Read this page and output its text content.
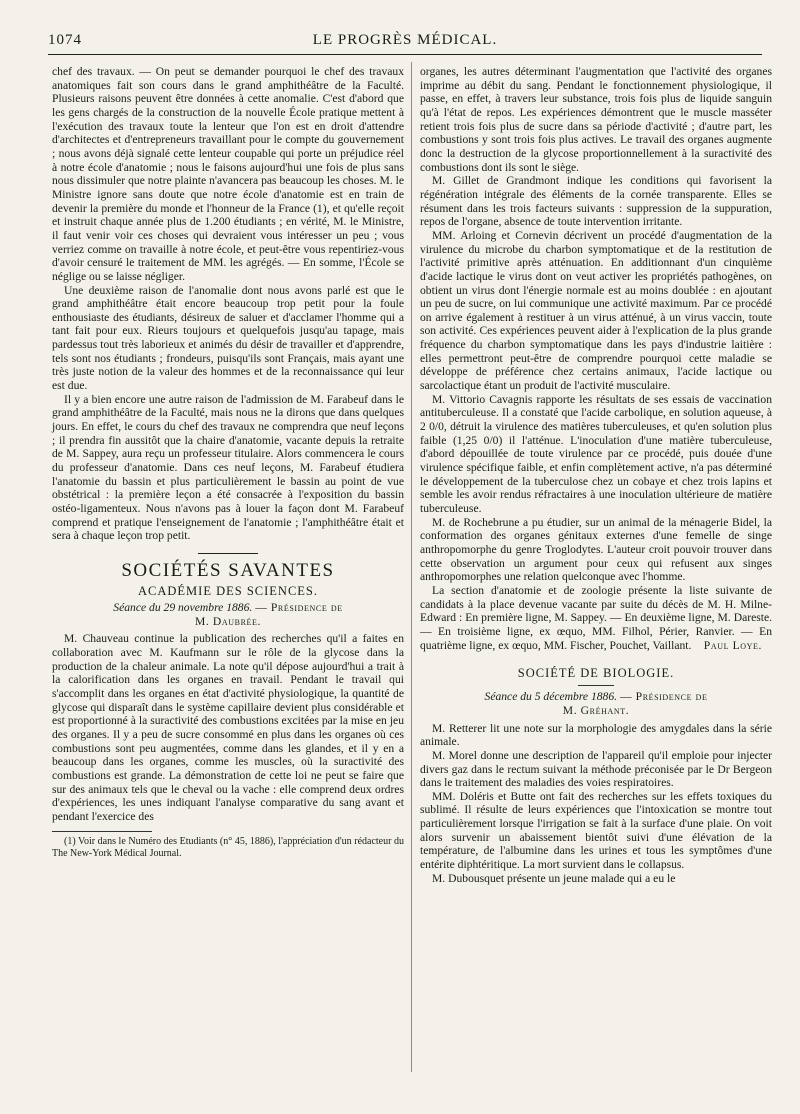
1074	LE PROGRÈS MÉDICAL.

chef des travaux. — On peut se demander pourquoi le chef des travaux anatomiques fait son cours dans le grand amphithéâtre de la Faculté. Plusieurs raisons peuvent être données à cette anomalie. C'est d'abord que les gens chargés de la construction de la nouvelle École pratique mettent à l'exécution des travaux toute la lenteur que l'on est en droit d'attendre d'architectes et d'entrepreneurs travaillant pour le compte du gouvernement ; nous avons déjà signalé cette lenteur coupable qui porte un préjudice réel à notre école d'anatomie ; nous le faisons aujourd'hui une fois de plus sans nous dissimuler que notre plainte n'avancera pas beaucoup les choses. M. le Ministre ignore sans doute que notre école d'anatomie est en train de devenir la première du monde et l'honneur de la France (1), et qu'elle reçoit et instruit chaque année plus de 1.200 étudiants ; en vérité, M. le Ministre, il faut venir voir ces choses qui devraient vous intéresser un peu ; vous verriez comme on travaille à notre école, et peut-être vous repentiriez-vous d'avoir censuré le traitement de MM. les agrégés. — En somme, l'École se néglige ou se laisse négliger.

Une deuxième raison de l'anomalie dont nous avons parlé est que le grand amphithéâtre était encore beaucoup trop petit pour la foule enthousiaste des étudiants, désireux de saluer et d'acclamer l'homme qui a tant fait pour eux. Rieurs toujours et quelquefois jusqu'au tapage, mais pardessus tout très laborieux et animés du désir de travailler et d'apprendre, tels sont nos étudiants ; frondeurs, puisqu'ils sont Français, mais ayant une très juste notion de la valeur des hommes et de la reconnaissance qui leur est due.

Il y a bien encore une autre raison de l'admission de M. Farabeuf dans le grand amphithéâtre de la Faculté, mais nous ne la dirons que dans quelques jours. En effet, le cours du chef des travaux ne comprendra que neuf leçons ; il prendra fin aussitôt que la chaire d'anatomie, vacante depuis la retraite de M. Sappey, aura reçu un professeur titulaire. Alors commencera le cours du professeur d'anatomie. Dans ces neuf leçons, M. Farabeuf étudiera l'anatomie du bassin et plus particulièrement le bassin au point de vue obstétrical : la première leçon a été consacrée à l'exposition du bassin ostéo-ligamenteux. Nous n'avons pas à louer la façon dont M. Farabeuf comprend et pratique l'enseignement de l'anatomie ; l'amphithéâtre était et sera à chaque leçon trop petit.

SOCIÉTÉS SAVANTES
ACADÉMIE DES SCIENCES.
Séance du 29 novembre 1886. — Présidence de
M. Daubrée.

M. Chauveau continue la publication des recherches qu'il a faites en collaboration avec M. Kaufmann sur le rôle de la glycose dans la production de la chaleur animale. La note qu'il dépose aujourd'hui a trait à la calorification dans les organes en travail. Pendant le travail qui s'accomplit dans les organes en état d'activité physiologique, la quantité de glycose qui disparaît dans le système capillaire devient plus considérable et est proportionné à la suractivité des combustions excitées par la mise en jeu des organes. Il y a peu de sucre consommé en plus dans les organes où ces combustions sont peu augmentées, comme dans les glandes, et il y en a beaucoup dans les organes, comme les muscles, où la suractivité des combustions est grande. La démonstration de cette loi ne peut se faire que sur des animaux tels que le cheval ou la vache : elle comprend deux ordres d'expériences, les unes indiquant l'analyse comparative du sang avant et pendant l'exercice des

(1) Voir dans le Numéro des Etudiants (n° 45, 1886), l'appréciation d'un rédacteur du The New-York Médical Journal.

organes, les autres déterminant l'augmentation que l'activité des organes imprime au débit du sang. Pendant le fonctionnement physiologique, il passe, en effet, à travers leur substance, trois fois plus de liquide sanguin qu'à l'état de repos. Les expériences démontrent que le muscle masséter retient trois fois plus de sucre dans sa période d'activité ; d'autre part, les combustions y sont trois fois plus actives. Le travail des organes augmente donc la destruction de la glycose proportionnellement à la suractivité des combustions dont ils sont le siège.

M. Gillet de Grandmont indique les conditions qui favorisent la régénération intégrale des éléments de la cornée transparente. Elles se résument dans les trois facteurs suivants : suppression de la suppuration, repos de l'organe, absence de toute intervention irritante.

MM. Arloing et Cornevin décrivent un procédé d'augmentation de la virulence du microbe du charbon symptomatique et de la restitution de l'activité primitive après atténuation. En additionnant d'un cinquième d'acide lactique le virus dont on veut activer les propriétés pathogènes, on obtient un virus dont l'énergie normale est au moins doublée : en ajoutant un peu de sucre, on lui communique une activité maximum. Par ce procédé on arrive également à restituer à un virus atténué, à un virus vaccin, toute son activité. Ces expériences peuvent aider à l'explication de la plus grande fréquence du charbon symptomatique dans les pays d'industrie laitière : elles permettront peut-être de comprendre pourquoi cette maladie se développe de préférence chez certains animaux, l'acide lactique ou sarcolactique étant un produit de l'activité musculaire.

M. Vittorio Cavagnis rapporte les résultats de ses essais de vaccination antituberculeuse. Il a constaté que l'acide carbolique, en solution aqueuse, à 2 0/0, détruit la virulence des matières tuberculeuses, et qu'en solution plus faible (1,25 0/0) il l'atténue. L'inoculation d'une matière tuberculeuse, d'abord dépouillée de toute virulence par ce procédé, puis douée d'une virulence spécifique faible, et enfin complètement active, n'a pas déterminé le développement de la tuberculose chez un cobaye et chez trois lapins et semble les avoir rendus réfractaires à une inoculation ultérieure de matière tuberculeuse.

M. de Rochebrune a pu étudier, sur un animal de la ménagerie Bidel, la conformation des organes génitaux externes d'une femelle de singe anthropomorphe du genre Troglodytes. L'auteur croit pouvoir trouver dans cette observation un argument pour ceux qui refusent aux singes anthropomorphes une relation quelconque avec l'homme.

La section d'anatomie et de zoologie présente la liste suivante de candidats à la place devenue vacante par suite du décès de M. H. Milne-Edward : En première ligne, M. Sappey. — En deuxième ligne, M. Dareste. — En troisième ligne, ex œquo, MM. Filhol, Périer, Ranvier. — En quatrième ligne, ex œquo, MM. Fischer, Pouchet, Vaillant.	Paul Loye.
SOCIÉTÉ DE BIOLOGIE.
Séance du 5 décembre 1886. — Présidence de
M. Gréhant.

M. Retterer lit une note sur la morphologie des amygdales dans la série animale.

M. Morel donne une description de l'appareil qu'il emploie pour injecter divers gaz dans le rectum suivant la méthode préconisée par le Dr Bergeon dans le traitement des maladies des voies respiratoires.

MM. Doléris et Butte ont fait des recherches sur les effets toxiques du sublimé. Il résulte de leurs expériences que l'intoxication se montre tout particulièrement lorsque l'irrigation se fait à la surface d'une plaie. On voit alors survenir un abaissement bientôt suivi d'une élévation de la température, de l'albumine dans les urines et tous les symptômes d'une entérite diphtéritique. La mort survient dans le collapsus.

M. Dubousquet présente un jeune malade qui a eu le
